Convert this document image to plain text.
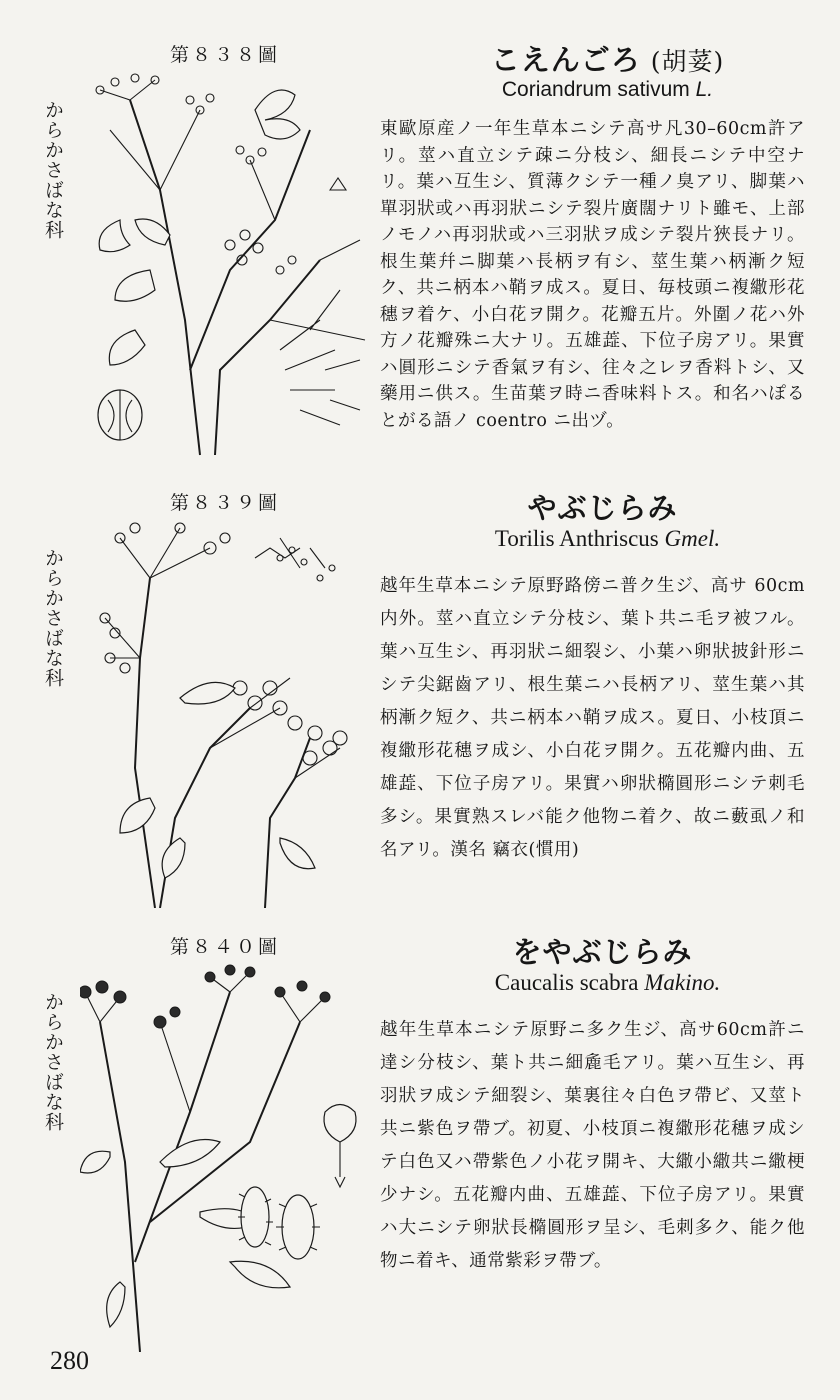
第８３８圖
からかさばな科
こえんごろ (胡荽)
Coriandrum sativum L.
東歐原産ノ一年生草本ニシテ高サ凡30–60cm許アリ。莖ハ直立シテ疎ニ分枝シ、細長ニシテ中空ナリ。葉ハ互生シ、質薄クシテ一種ノ臭アリ、脚葉ハ單羽狀或ハ再羽狀ニシテ裂片廣闊ナリト雖モ、上部ノモノハ再羽狀或ハ三羽狀ヲ成シテ裂片狹長ナリ。根生葉幷ニ脚葉ハ長柄ヲ有シ、莖生葉ハ柄漸ク短ク、共ニ柄本ハ鞘ヲ成ス。夏日、毎枝頭ニ複繖形花穗ヲ着ケ、小白花ヲ開ク。花瓣五片。外圍ノ花ハ外方ノ花瓣殊ニ大ナリ。五雄蕋、下位子房アリ。果實ハ圓形ニシテ香氣ヲ有シ、往々之レヲ香料トシ、又藥用ニ供ス。生苗葉ヲ時ニ香味料トス。和名ハぽるとがる語ノ coentro ニ出ヅ。
第８３９圖
からかさばな科
やぶじらみ
Torilis Anthriscus Gmel.
越年生草本ニシテ原野路傍ニ普ク生ジ、高サ 60cm 内外。莖ハ直立シテ分枝シ、葉ト共ニ毛ヲ被フル。葉ハ互生シ、再羽狀ニ細裂シ、小葉ハ卵狀披針形ニシテ尖鋸齒アリ、根生葉ニハ長柄アリ、莖生葉ハ其柄漸ク短ク、共ニ柄本ハ鞘ヲ成ス。夏日、小枝頂ニ複繖形花穗ヲ成シ、小白花ヲ開ク。五花瓣内曲、五雄蕋、下位子房アリ。果實ハ卵狀橢圓形ニシテ刺毛多シ。果實熟スレバ能ク他物ニ着ク、故ニ藪虱ノ和名アリ。漢名 竊衣(慣用)
第８４０圖
からかさばな科
をやぶじらみ
Caucalis scabra Makino.
越年生草本ニシテ原野ニ多ク生ジ、高サ60cm許ニ達シ分枝シ、葉ト共ニ細麁毛アリ。葉ハ互生シ、再羽狀ヲ成シテ細裂シ、葉裏往々白色ヲ帶ビ、又莖ト共ニ紫色ヲ帶ブ。初夏、小枝頂ニ複繖形花穗ヲ成シテ白色又ハ帶紫色ノ小花ヲ開キ、大繖小繖共ニ繖梗少ナシ。五花瓣内曲、五雄蕋、下位子房アリ。果實ハ大ニシテ卵狀長橢圓形ヲ呈シ、毛刺多ク、能ク他物ニ着キ、通常紫彩ヲ帶ブ。
280
